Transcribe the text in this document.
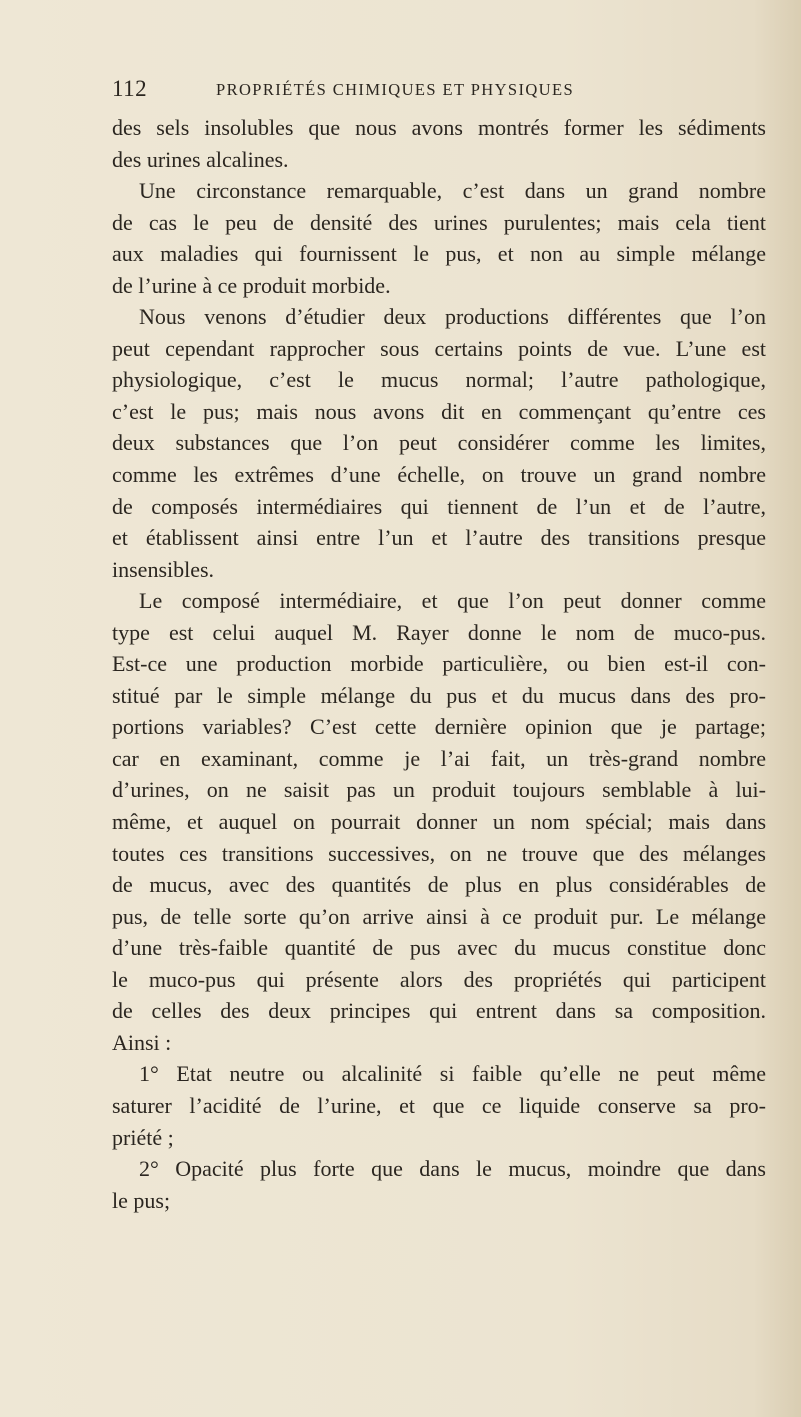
112	PROPRIÉTÉS CHIMIQUES ET PHYSIQUES
des sels insolubles que nous avons montrés former les sédiments
des urines alcalines.
Une circonstance remarquable, c’est dans un grand nombre
de cas le peu de densité des urines purulentes; mais cela tient
aux maladies qui fournissent le pus, et non au simple mélange
de l’urine à ce produit morbide.
Nous venons d’étudier deux productions différentes que l’on
peut cependant rapprocher sous certains points de vue. L’une est
physiologique, c’est le mucus normal; l’autre pathologique,
c’est le pus; mais nous avons dit en commençant qu’entre ces
deux substances que l’on peut considérer comme les limites,
comme les extrêmes d’une échelle, on trouve un grand nombre
de composés intermédiaires qui tiennent de l’un et de l’autre,
et établissent ainsi entre l’un et l’autre des transitions presque
insensibles.
Le composé intermédiaire, et que l’on peut donner comme
type est celui auquel M. Rayer donne le nom de muco-pus.
Est-ce une production morbide particulière, ou bien est-il con-
stitué par le simple mélange du pus et du mucus dans des pro-
portions variables? C’est cette dernière opinion que je partage;
car en examinant, comme je l’ai fait, un très-grand nombre
d’urines, on ne saisit pas un produit toujours semblable à lui-
même, et auquel on pourrait donner un nom spécial; mais dans
toutes ces transitions successives, on ne trouve que des mélanges
de mucus, avec des quantités de plus en plus considérables de
pus, de telle sorte qu’on arrive ainsi à ce produit pur. Le mélange
d’une très-faible quantité de pus avec du mucus constitue donc
le muco-pus qui présente alors des propriétés qui participent
de celles des deux principes qui entrent dans sa composition.
Ainsi :
1° Etat neutre ou alcalinité si faible qu’elle ne peut même
saturer l’acidité de l’urine, et que ce liquide conserve sa pro-
priété ;
2° Opacité plus forte que dans le mucus, moindre que dans
le pus;
